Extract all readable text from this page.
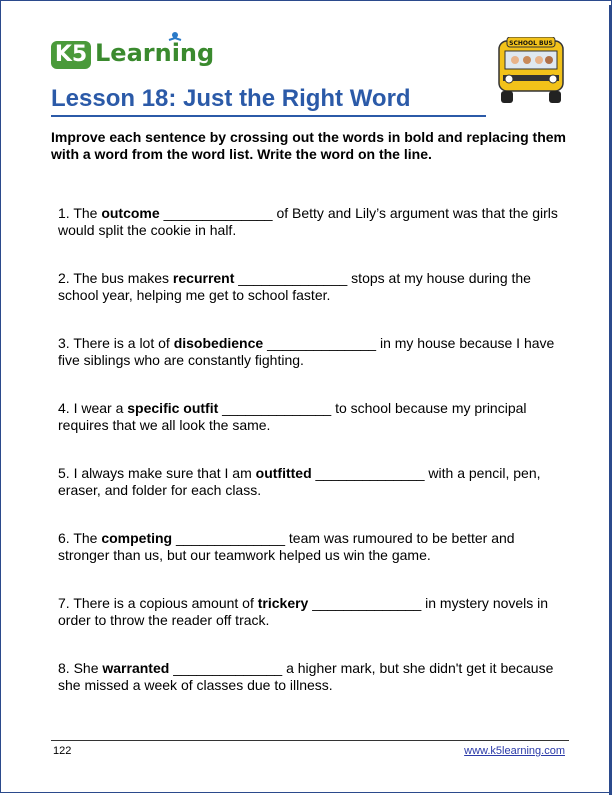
K5 Learning
Lesson 18: Just the Right Word
SCHOOL BUS
Improve each sentence by crossing out the words in bold and replacing them with a word from the word list. Write the word on the line.
1. The outcome ______________ of Betty and Lily’s argument was that the girls would split the cookie in half.
2. The bus makes recurrent ______________ stops at my house during the school year, helping me get to school faster.
3. There is a lot of disobedience ______________ in my house because I have five siblings who are constantly fighting.
4. I wear a specific outfit ______________ to school because my principal requires that we all look the same.
5. I always make sure that I am outfitted ______________ with a pencil, pen, eraser, and folder for each class.
6. The competing ______________ team was rumoured to be better and stronger than us, but our teamwork helped us win the game.
7. There is a copious amount of trickery ______________ in mystery novels in order to throw the reader off track.
8. She warranted ______________ a higher mark, but she didn't get it because she missed a week of classes due to illness.
122	www.k5learning.com
